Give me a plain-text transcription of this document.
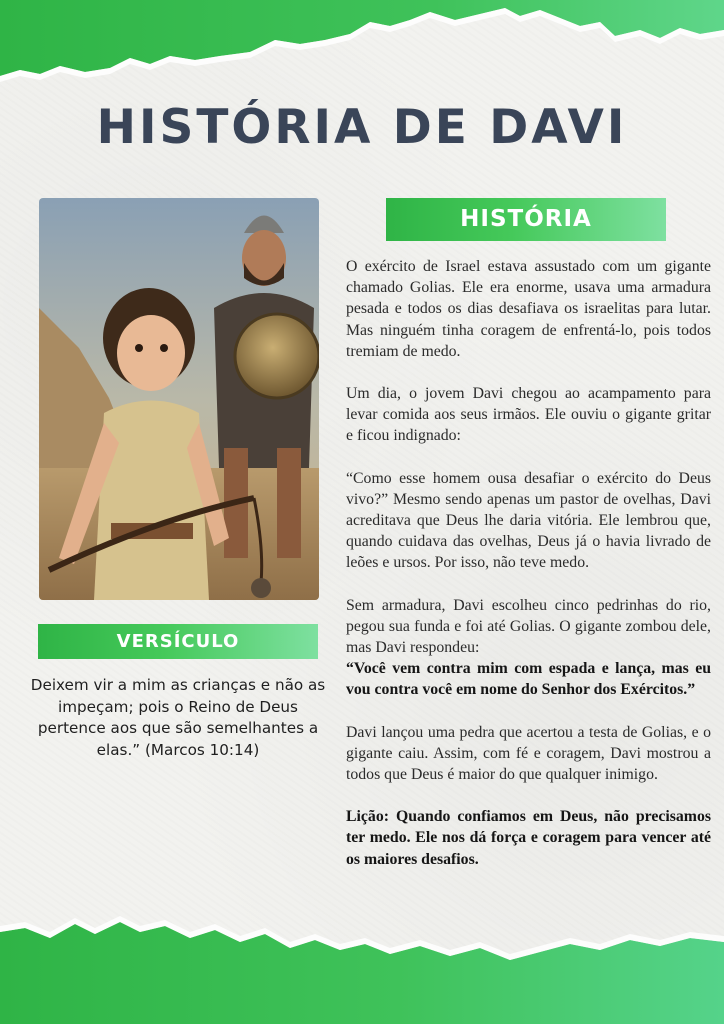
HISTÓRIA DE DAVI
HISTÓRIA

O exército de Israel estava assustado com um gigante chamado Golias. Ele era enorme, usava uma armadura pesada e todos os dias desafiava os israelitas para lutar. Mas ninguém tinha coragem de enfrentá-lo, pois todos tremiam de medo.

Um dia, o jovem Davi chegou ao acampamento para levar comida aos seus irmãos. Ele ouviu o gigante gritar e ficou indignado:

“Como esse homem ousa desafiar o exército do Deus vivo?” Mesmo sendo apenas um pastor de ovelhas, Davi acreditava que Deus lhe daria vitória. Ele lembrou que, quando cuidava das ovelhas, Deus já o havia livrado de leões e ursos. Por isso, não teve medo.

Sem armadura, Davi escolheu cinco pedrinhas do rio, pegou sua funda e foi até Golias. O gigante zombou dele, mas Davi respondeu:

“Você vem contra mim com espada e lança, mas eu vou contra você em nome do Senhor dos Exércitos.”

Davi lançou uma pedra que acertou a testa de Golias, e o gigante caiu. Assim, com fé e coragem, Davi mostrou a todos que Deus é maior do que qualquer inimigo.

Lição: Quando confiamos em Deus, não precisamos ter medo. Ele nos dá força e coragem para vencer até os maiores desafios.

VERSÍCULO
Deixem vir a mim as crianças e não as impeçam; pois o Reino de Deus pertence aos que são semelhantes a elas.” (Marcos 10:14)
